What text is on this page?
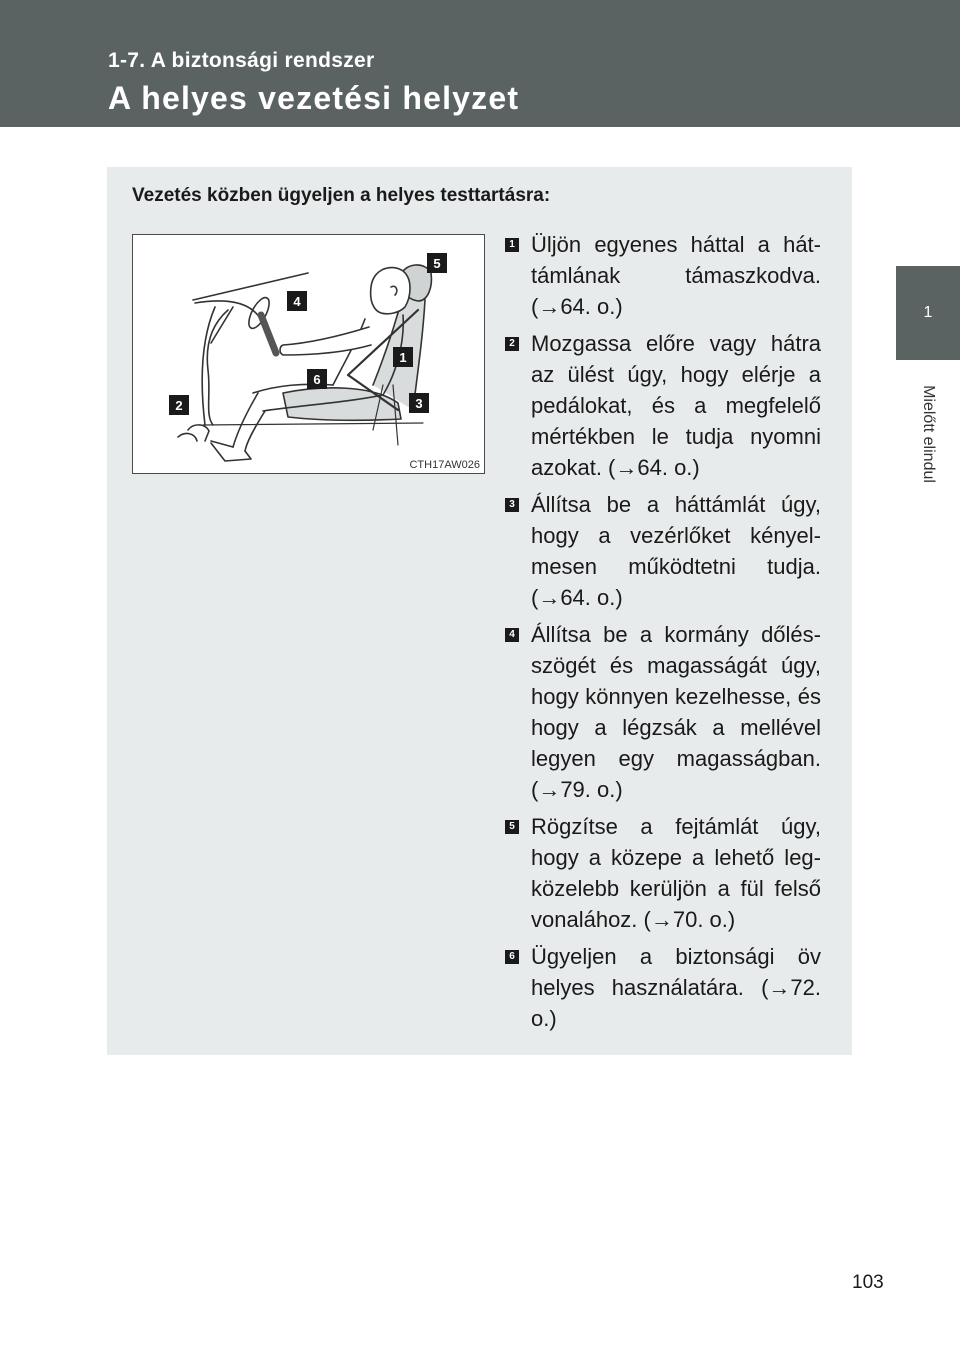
1-7. A biztonsági rendszer
A helyes vezetési helyzet
1
Mielőtt elindul
Vezetés közben ügyeljen a helyes testtartásra:
1
2	3
4
5
6
CTH17AW026
1 Üljön egyenes háttal a háttámlának támaszkodva. (→64. o.)
2 Mozgassa előre vagy hátra az ülést úgy, hogy elérje a pedálokat, és a megfelelő mértékben le tudja nyomni azokat. (→64. o.)
3 Állítsa be a háttámlát úgy, hogy a vezérlőket kényelmesen működtetni tudja. (→64. o.)
4 Állítsa be a kormány dőlésszögét és magasságát úgy, hogy könnyen kezelhesse, és hogy a légzsák a mellével legyen egy magasságban. (→79. o.)
5 Rögzítse a fejtámlát úgy, hogy a közepe a lehető legközelebb kerüljön a fül felső vonalához. (→70. o.)
6 Ügyeljen a biztonsági öv helyes használatára. (→72. o.)
103
